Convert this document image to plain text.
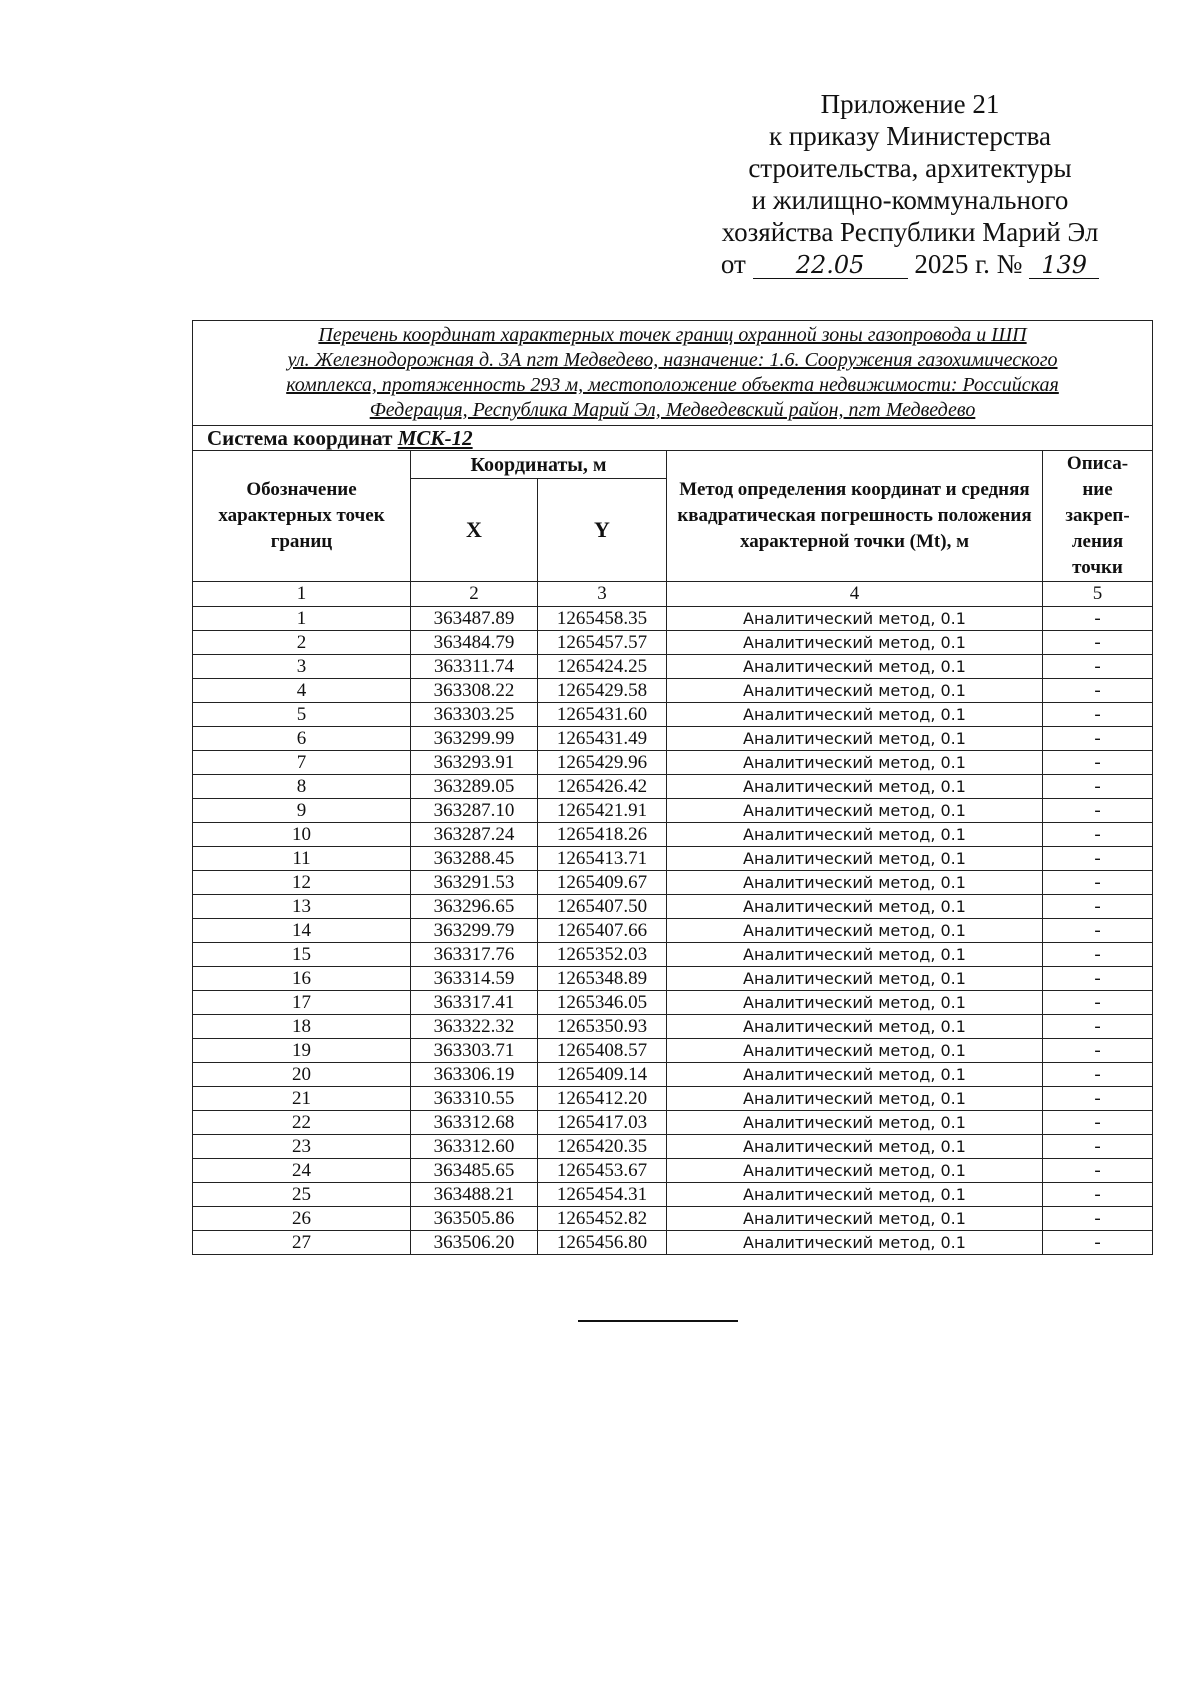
Приложение 21
к приказу Министерства
строительства, архитектуры
и жилищно-коммунального
хозяйства Республики Марий Эл
от 22.05 2025 г. № 139
Перечень координат характерных точек границ охранной зоны газопровода и ШП
ул. Железнодорожная д. 3А пгт Медведево, назначение: 1.6. Сооружения газохимического
комплекса, протяженность 293 м, местоположение объекта недвижимости: Российская
Федерация, Республика Марий Эл, Медведевский район, пгт Медведево				

Система координат МСК-12				
Обозначение характерных точек границ	Координаты, м		Метод определения координат и средняя квадратическая погрешность положения характерной точки (Mt), м	Описа-
ние
закреп-
ления
точки

	X	Y		
1	2	3	4	5
1	363487.89	1265458.35	Аналитический метод, 0.1	-
2	363484.79	1265457.57	Аналитический метод, 0.1	-
3	363311.74	1265424.25	Аналитический метод, 0.1	-
4	363308.22	1265429.58	Аналитический метод, 0.1	-
5	363303.25	1265431.60	Аналитический метод, 0.1	-
6	363299.99	1265431.49	Аналитический метод, 0.1	-
7	363293.91	1265429.96	Аналитический метод, 0.1	-
8	363289.05	1265426.42	Аналитический метод, 0.1	-
9	363287.10	1265421.91	Аналитический метод, 0.1	-
10	363287.24	1265418.26	Аналитический метод, 0.1	-
11	363288.45	1265413.71	Аналитический метод, 0.1	-
12	363291.53	1265409.67	Аналитический метод, 0.1	-
13	363296.65	1265407.50	Аналитический метод, 0.1	-
14	363299.79	1265407.66	Аналитический метод, 0.1	-
15	363317.76	1265352.03	Аналитический метод, 0.1	-
16	363314.59	1265348.89	Аналитический метод, 0.1	-
17	363317.41	1265346.05	Аналитический метод, 0.1	-
18	363322.32	1265350.93	Аналитический метод, 0.1	-
19	363303.71	1265408.57	Аналитический метод, 0.1	-
20	363306.19	1265409.14	Аналитический метод, 0.1	-
21	363310.55	1265412.20	Аналитический метод, 0.1	-
22	363312.68	1265417.03	Аналитический метод, 0.1	-
23	363312.60	1265420.35	Аналитический метод, 0.1	-
24	363485.65	1265453.67	Аналитический метод, 0.1	-
25	363488.21	1265454.31	Аналитический метод, 0.1	-
26	363505.86	1265452.82	Аналитический метод, 0.1	-
27	363506.20	1265456.80	Аналитический метод, 0.1	-
